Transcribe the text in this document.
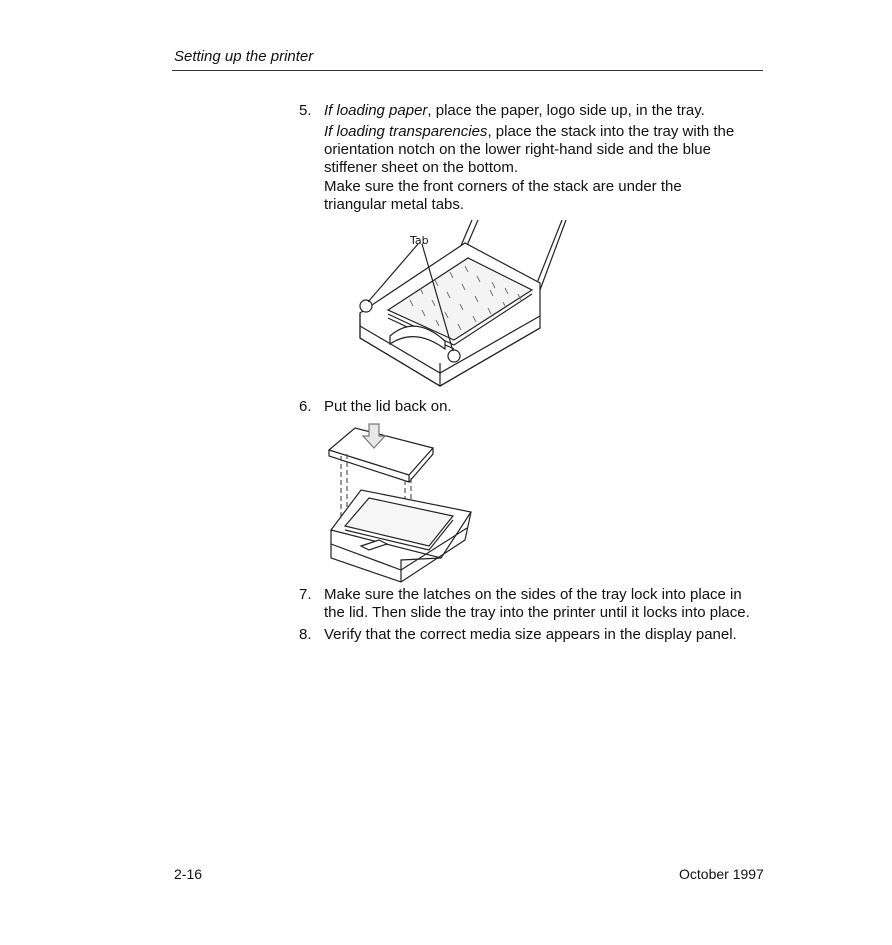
Setting up the printer
5. If loading paper, place the paper, logo side up, in the tray.
If loading transparencies, place the stack into the tray with the orientation notch on the lower right-hand side and the blue stiffener sheet on the bottom.
Make sure the front corners of the stack are under the triangular metal tabs.
Tab
6. Put the lid back on.
7. Make sure the latches on the sides of the tray lock into place in the lid. Then slide the tray into the printer until it locks into place.
8. Verify that the correct media size appears in the display panel.
2-16	October 1997
